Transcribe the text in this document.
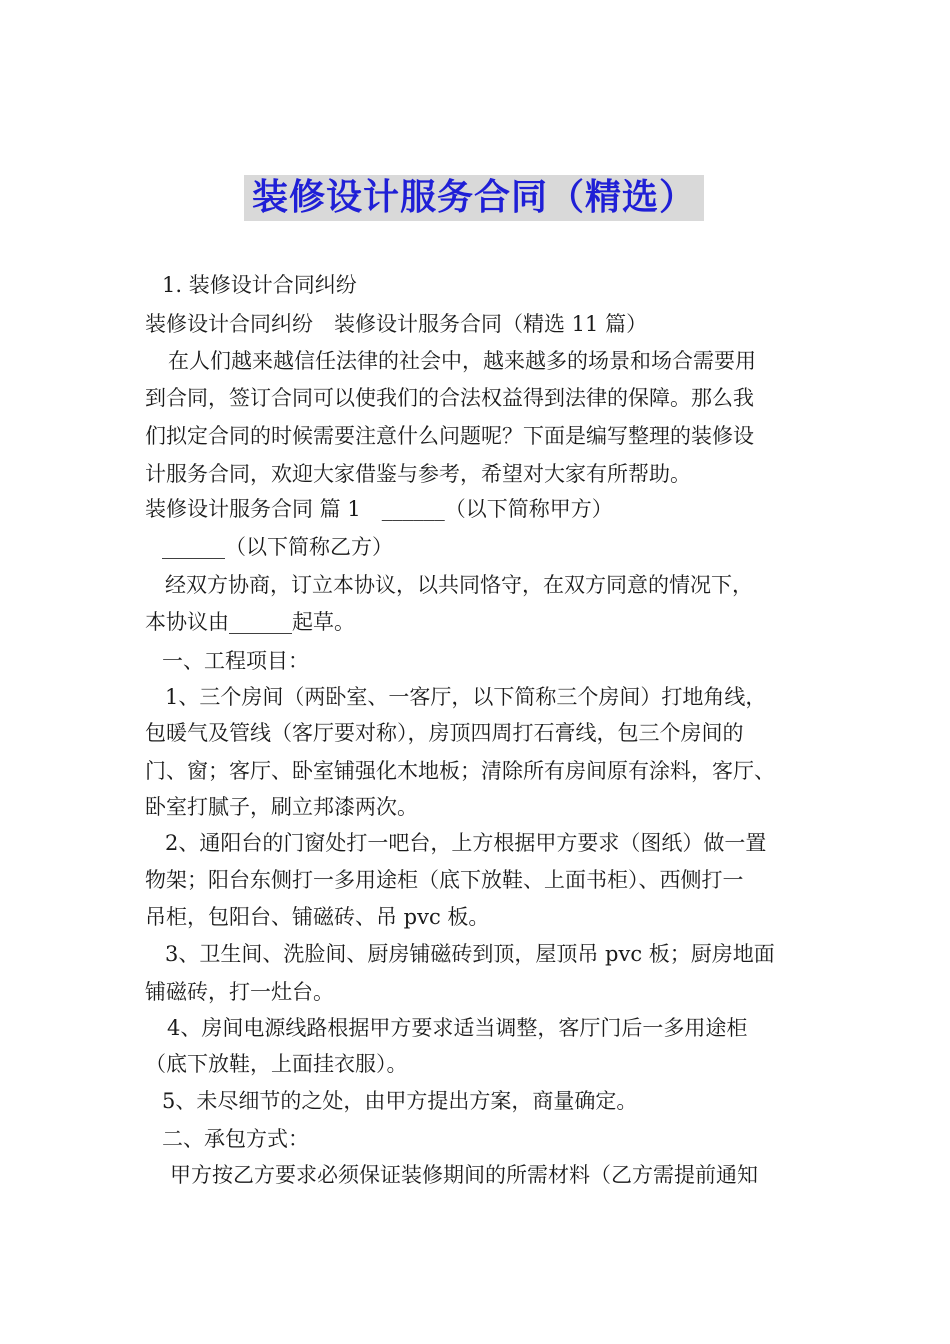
装修设计服务合同（精选）
1. 装修设计合同纠纷
装修设计合同纠纷　装修设计服务合同（精选 11 篇）
在人们越来越信任法律的社会中，越来越多的场景和场合需要用
到合同，签订合同可以使我们的合法权益得到法律的保障。那么我
们拟定合同的时候需要注意什么问题呢？下面是编写整理的装修设
计服务合同，欢迎大家借鉴与参考，希望对大家有所帮助。
装修设计服务合同 篇 1　______（以下简称甲方）
______（以下简称乙方）
经双方协商，订立本协议，以共同恪守，在双方同意的情况下，
本协议由______起草。
一、工程项目：
1、三个房间（两卧室、一客厅，以下简称三个房间）打地角线，
包暖气及管线（客厅要对称），房顶四周打石膏线，包三个房间的
门、窗；客厅、卧室铺强化木地板；清除所有房间原有涂料，客厅、
卧室打腻子，刷立邦漆两次。
2、通阳台的门窗处打一吧台，上方根据甲方要求（图纸）做一置
物架；阳台东侧打一多用途柜（底下放鞋、上面书柜）、西侧打一
吊柜，包阳台、铺磁砖、吊 pvc 板。
3、卫生间、洗脸间、厨房铺磁砖到顶，屋顶吊 pvc 板；厨房地面
铺磁砖，打一灶台。
4、房间电源线路根据甲方要求适当调整，客厅门后一多用途柜
（底下放鞋，上面挂衣服）。
5、未尽细节的之处，由甲方提出方案，商量确定。
二、承包方式：
甲方按乙方要求必须保证装修期间的所需材料（乙方需提前通知
